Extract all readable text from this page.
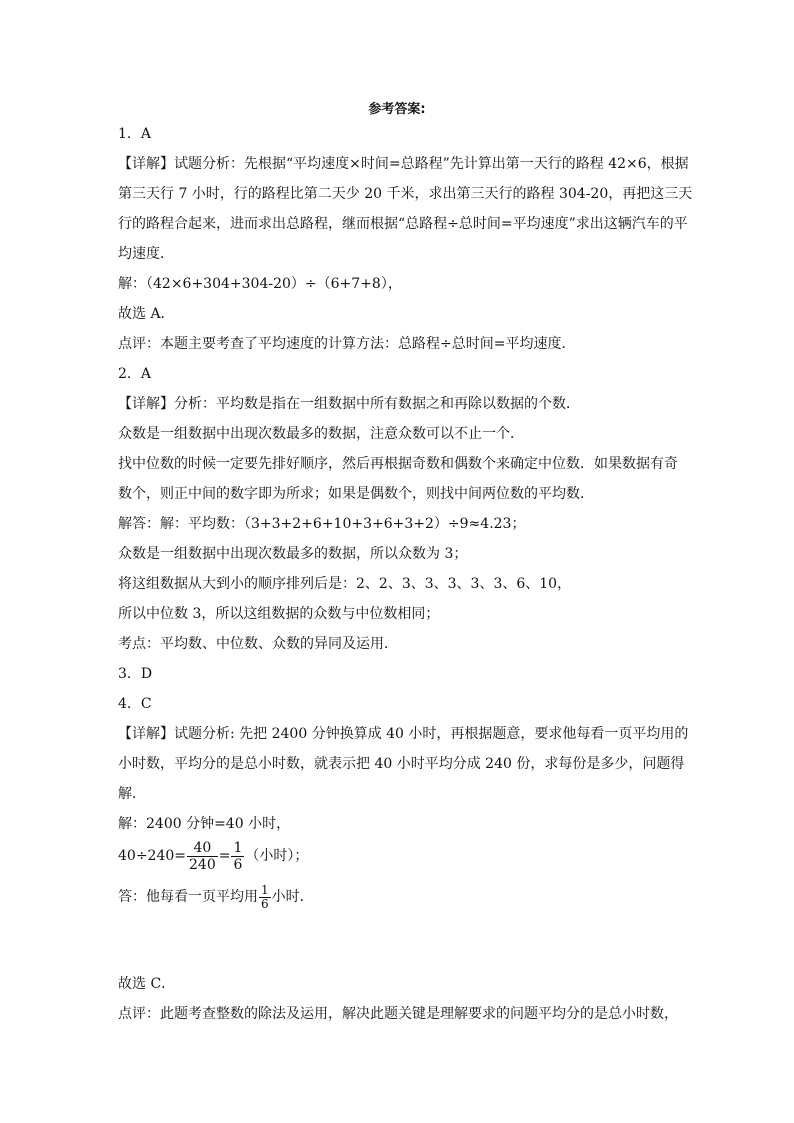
参考答案:
1．A
【详解】试题分析：先根据“平均速度×时间=总路程”先计算出第一天行的路程 42×6，根据
第三天行 7 小时，行的路程比第二天少 20 千米，求出第三天行的路程 304-20，再把这三天
行的路程合起来，进而求出总路程，继而根据“总路程÷总时间=平均速度”求出这辆汽车的平
均速度．
解：（42×6+304+304-20）÷（6+7+8），
故选 A．
点评：本题主要考查了平均速度的计算方法：总路程÷总时间=平均速度．
2．A
【详解】分析：平均数是指在一组数据中所有数据之和再除以数据的个数．
众数是一组数据中出现次数最多的数据，注意众数可以不止一个．
找中位数的时候一定要先排好顺序，然后再根据奇数和偶数个来确定中位数．如果数据有奇
数个，则正中间的数字即为所求；如果是偶数个，则找中间两位数的平均数．
解答：解：平均数：（3+3+2+6+10+3+6+3+2）÷9≈4.23；
众数是一组数据中出现次数最多的数据，所以众数为 3；
将这组数据从大到小的顺序排列后是：2、2、3、3、3、3、3、6、10，
所以中位数 3，所以这组数据的众数与中位数相同；
考点：平均数、中位数、众数的异同及运用．
3．D
4．C
【详解】试题分析: 先把 2400 分钟换算成 40 小时，再根据题意，要求他每看一页平均用的
小时数，平均分的是总小时数，就表示把 40 小时平均分成 240 份，求每份是多少，问题得
解．
解：2400 分钟=40 小时，
$40\div 240= \frac{40}{240} = \frac{1}{6}$ （小时）；
答：他每看一页平均用 $\frac{1}{6}$ 小时．
故选 C．
点评：此题考查整数的除法及运用，解决此题关键是理解要求的问题平均分的是总小时数，
